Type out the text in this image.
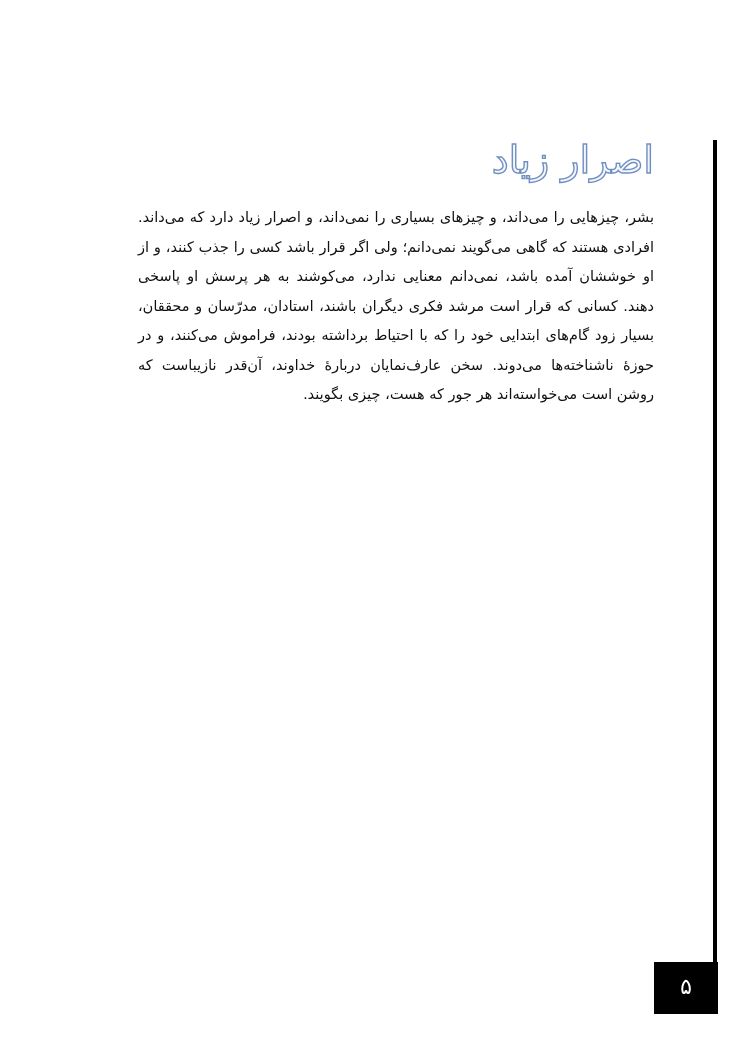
اصرار زیاد

بشر، چیزهایی را می‌داند، و چیزهای بسیاری را نمی‌داند، و اصرار زیاد دارد که می‌داند. افرادی هستند که گاهی می‌گویند نمی‌دانم؛ ولی اگر قرار باشد کسی را جذب کنند، و از او خوششان آمده باشد، نمی‌دانم معنایی ندارد، می‌کوشند به هر پرسش او پاسخی دهند. کسانی که قرار است مرشد فکری دیگران باشند، استادان، مدرّسان و محققان، بسیار زود گام‌های ابتدایی خود را که با احتیاط برداشته بودند، فراموش می‌کنند، و در حوزهٔ ناشناخته‌ها می‌دوند. سخن عارف‌نمایان دربارهٔ خداوند، آن‌قدر نازیباست که روشن است می‌خواسته‌اند هر جور که هست، چیزی بگویند.

۵
